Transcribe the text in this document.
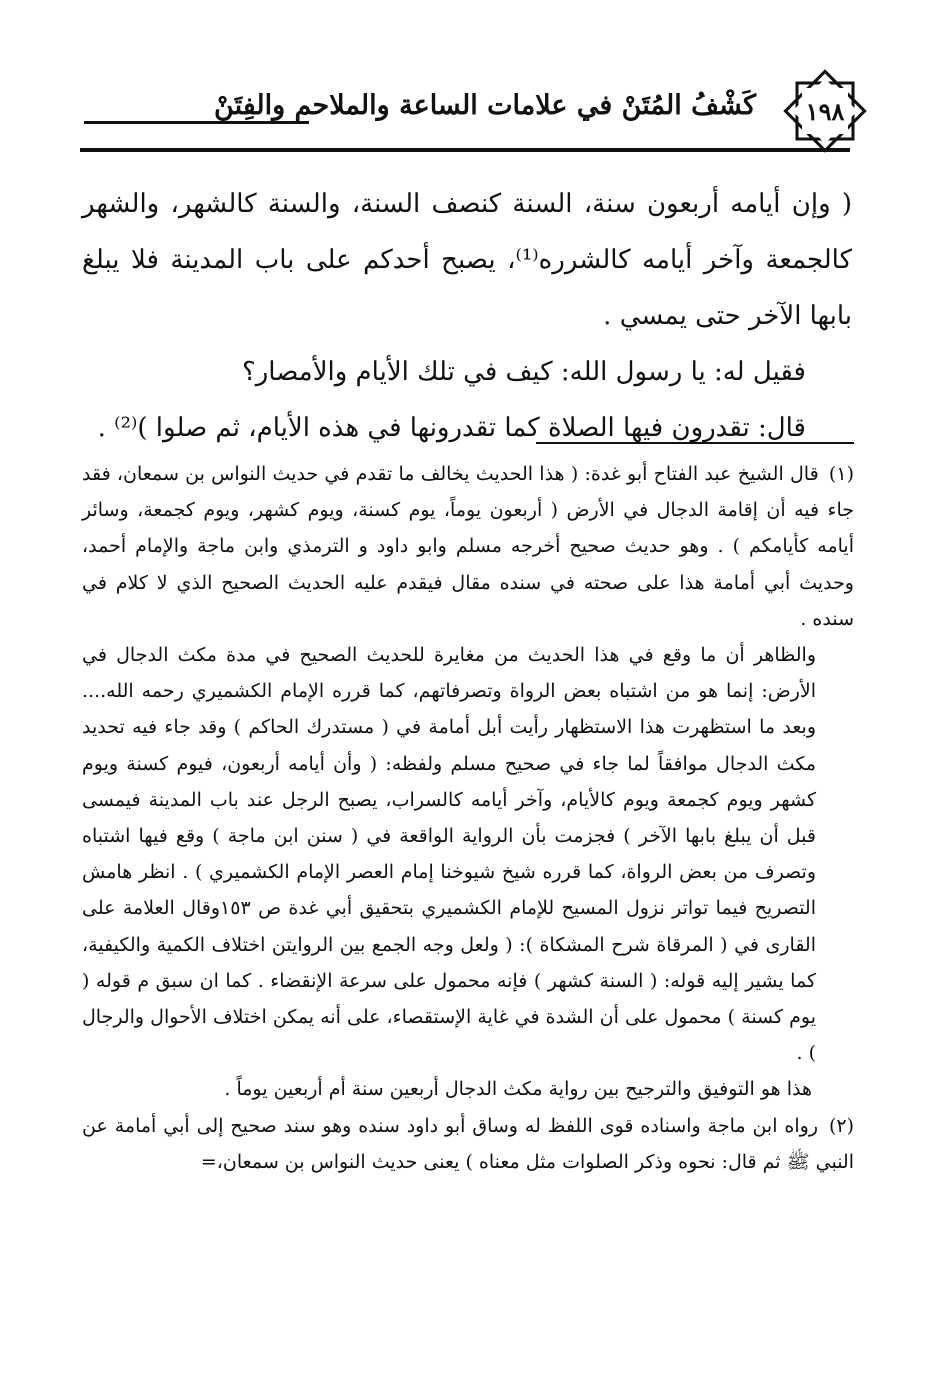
١٩٨
كَشْفُ المُتَنْ في علامات الساعة والملاحم والفِتَنْ

( وإن أيامه أربعون سنة، السنة كنصف السنة، والسنة كالشهر، والشهر كالجمعة وآخر أيامه كالشرره⁽¹⁾، يصبح أحدكم على باب المدينة فلا يبلغ بابها الآخر حتى يمسي .

فقيل له: يا رسول الله: كيف في تلك الأيام والأمصار؟

قال: تقدرون فيها الصلاة كما تقدرونها في هذه الأيام، ثم صلوا )⁽²⁾ .

(١) قال الشيخ عبد الفتاح أبو غدة: ( هذا الحديث يخالف ما تقدم في حديث النواس بن سمعان، فقد جاء فيه أن إقامة الدجال في الأرض ( أربعون يوماً، يوم كسنة، ويوم كشهر، ويوم كجمعة، وسائر أيامه كأيامكم ) . وهو حديث صحيح أخرجه مسلم وابو داود و الترمذي وابن ماجة والإمام أحمد، وحديث أبي أمامة هذا على صحته في سنده مقال فيقدم عليه الحديث الصحيح الذي لا كلام في سنده .

والظاهر أن ما وقع في هذا الحديث من مغايرة للحديث الصحيح في مدة مكث الدجال في الأرض: إنما هو من اشتباه بعض الرواة وتصرفاتهم، كما قرره الإمام الكشميري رحمه الله.... وبعد ما استظهرت هذا الاستظهار رأيت أبل أمامة في ( مستدرك الحاكم ) وقد جاء فيه تحديد مكث الدجال موافقاً لما جاء في صحيح مسلم ولفظه: ( وأن أيامه أربعون، فيوم كسنة ويوم كشهر ويوم كجمعة ويوم كالأيام، وآخر أيامه كالسراب، يصبح الرجل عند باب المدينة فيمسى قبل أن يبلغ بابها الآخر ) فجزمت بأن الرواية الواقعة في ( سنن ابن ماجة ) وقع فيها اشتباه وتصرف من بعض الرواة، كما قرره شيخ شيوخنا إمام العصر الإمام الكشميري ) . انظر هامش التصريح فيما تواتر نزول المسيح للإمام الكشميري بتحقيق أبي غدة ص ١٥٣وقال العلامة على القارى في ( المرقاة شرح المشكاة ): ( ولعل وجه الجمع بين الروايتن اختلاف الكمية والكيفية، كما يشير إليه قوله: ( السنة كشهر ) فإنه محمول على سرعة الإنقضاء . كما ان سبق م قوله ( يوم كسنة ) محمول على أن الشدة في غاية الإستقصاء، على أنه يمكن اختلاف الأحوال والرجال ) .

هذا هو التوفيق والترجيح بين رواية مكث الدجال أربعين سنة أم أربعين يوماً .

(٢) رواه ابن ماجة واسناده قوى اللفظ له وساق أبو داود سنده وهو سند صحيح إلى أبي أمامة عن النبي ﷺ ثم قال: نحوه وذكر الصلوات مثل معناه ) يعنى حديث النواس بن سمعان،=
